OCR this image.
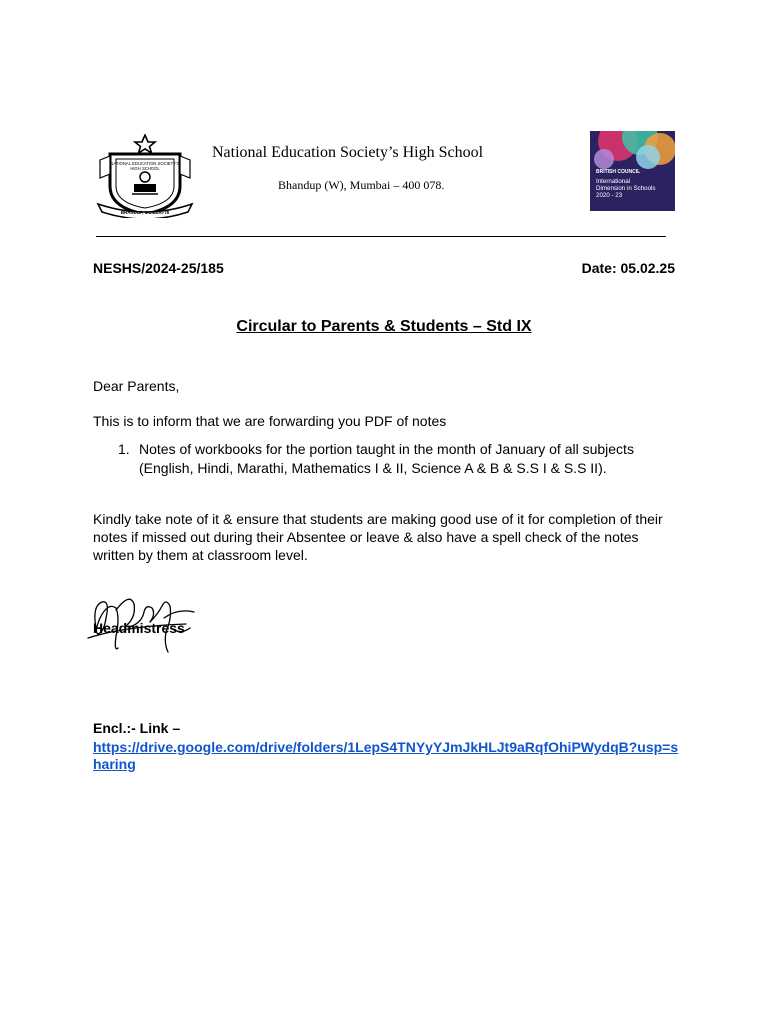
NATIONAL EDUCATION SOCIETY'S
HIGH SCHOOL
BHANDUP, MUMBAI-78
National Education Society’s High School
Bhandup (W), Mumbai – 400 078.
BRITISH COUNCIL
International
Dimension in Schools
2020 - 23
NESHS/2024-25/185	Date: 05.02.25
Circular to Parents & Students – Std IX
Dear Parents,
This is to inform that we are forwarding you PDF of notes
1. Notes of workbooks for the portion taught in the month of January of all subjects (English, Hindi, Marathi, Mathematics I & II, Science A & B & S.S I & S.S II).
Kindly take note of it & ensure that students are making good use of it for completion of their notes if missed out during their Absentee or leave & also have a spell check of the notes written by them at classroom level.
Headmistress
Encl.:- Link –
https://drive.google.com/drive/folders/1LepS4TNYyYJmJkHLJt9aRqfOhiPWydqB?usp=sharing
